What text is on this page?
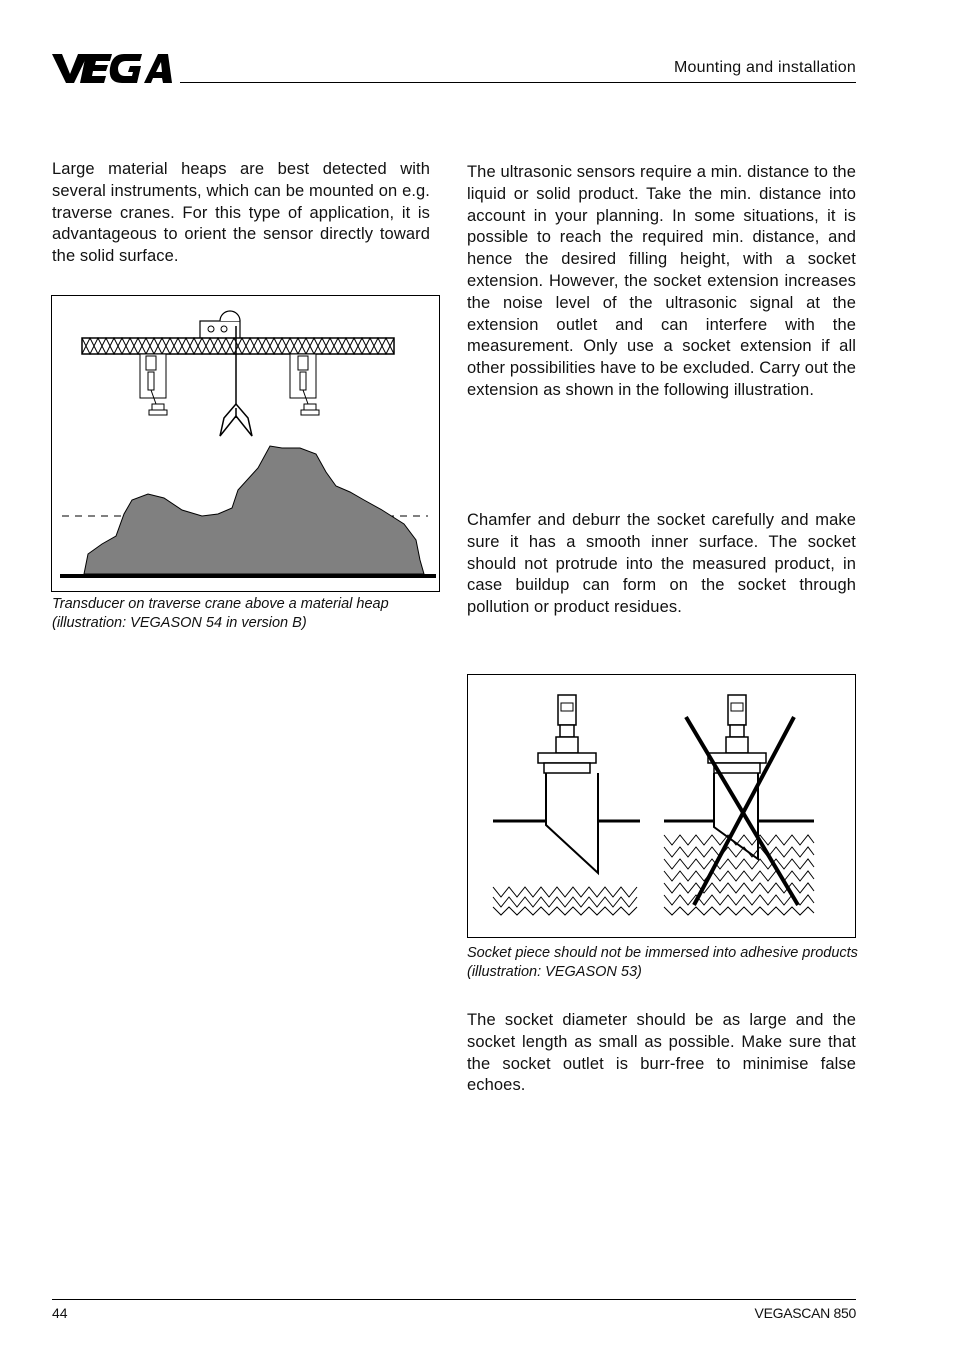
Mounting and installation
Large material heaps are best detected with several instruments, which can be mounted on e.g. traverse cranes. For this type of application, it is advantageous to orient the sensor directly toward the solid surface.
Transducer on traverse crane above a material heap (illustration: VEGASON 54 in version B)
The ultrasonic sensors require a min. distance to the liquid or solid product. Take the min. distance into account in your planning. In some situations, it is possible to reach the required min. distance, and hence the desired filling height, with a socket extension. However, the socket extension increases the noise level of the ultrasonic signal at the extension outlet and can interfere with the measurement. Only use a socket extension if all other possibilities have to be excluded. Carry out the extension as shown in the following illustration.
Chamfer and deburr the socket carefully and make sure it has a smooth inner surface. The socket should not protrude into the measured product, in case buildup can form on the socket through pollution or product residues.
Socket piece should not be immersed into adhesive products (illustration: VEGASON 53)
The socket diameter should be as large and the socket length as small as possible. Make sure that the socket outlet is burr-free to minimise false echoes.
44	VEGASCAN 850
